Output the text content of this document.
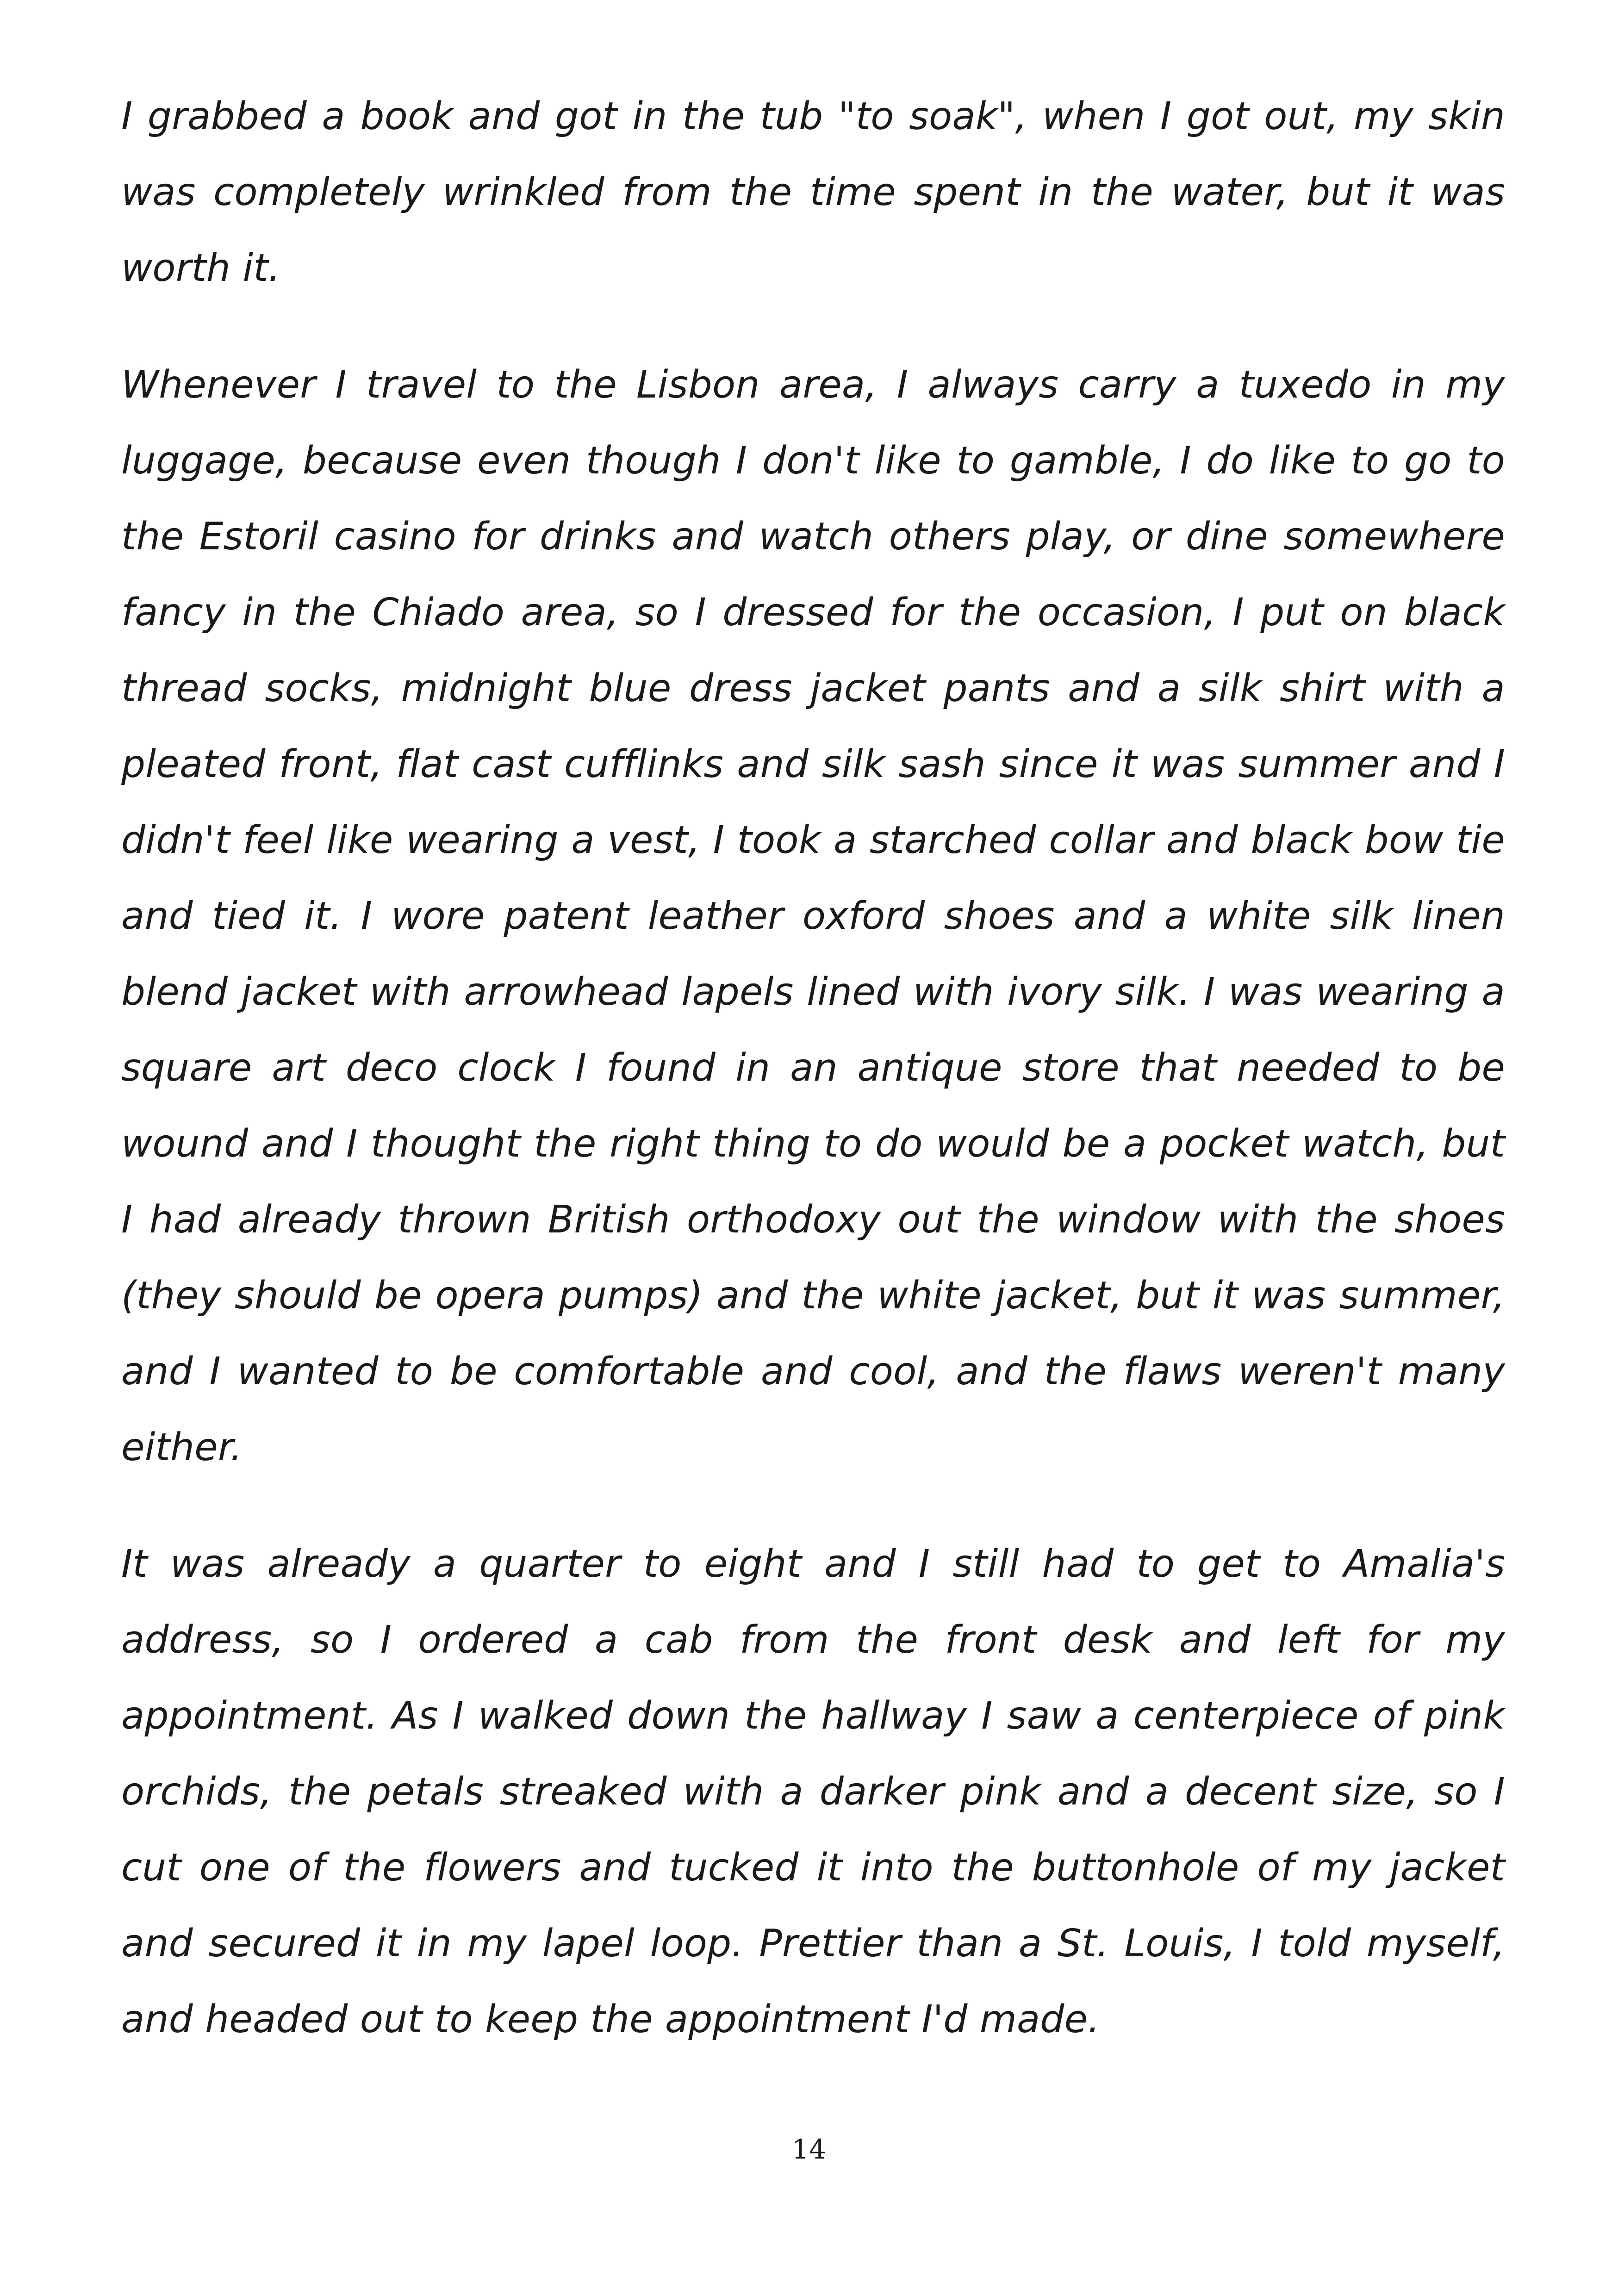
I grabbed a book and got in the tub "to soak", when I got out, my skin was completely wrinkled from the time spent in the water, but it was worth it.

Whenever I travel to the Lisbon area, I always carry a tuxedo in my luggage, because even though I don't like to gamble, I do like to go to the Estoril casino for drinks and watch others play, or dine somewhere fancy in the Chiado area, so I dressed for the occasion, I put on black thread socks, midnight blue dress jacket pants and a silk shirt with a pleated front, flat cast cufflinks and silk sash since it was summer and I didn't feel like wearing a vest, I took a starched collar and black bow tie and tied it. I wore patent leather oxford shoes and a white silk linen blend jacket with arrowhead lapels lined with ivory silk. I was wearing a square art deco clock I found in an antique store that needed to be wound and I thought the right thing to do would be a pocket watch, but I had already thrown British orthodoxy out the window with the shoes (they should be opera pumps) and the white jacket, but it was summer, and I wanted to be comfortable and cool, and the flaws weren't many either.

It was already a quarter to eight and I still had to get to Amalia's address, so I ordered a cab from the front desk and left for my appointment. As I walked down the hallway I saw a centerpiece of pink orchids, the petals streaked with a darker pink and a decent size, so I cut one of the flowers and tucked it into the buttonhole of my jacket and secured it in my lapel loop. Prettier than a St. Louis, I told myself, and headed out to keep the appointment I'd made.

14
